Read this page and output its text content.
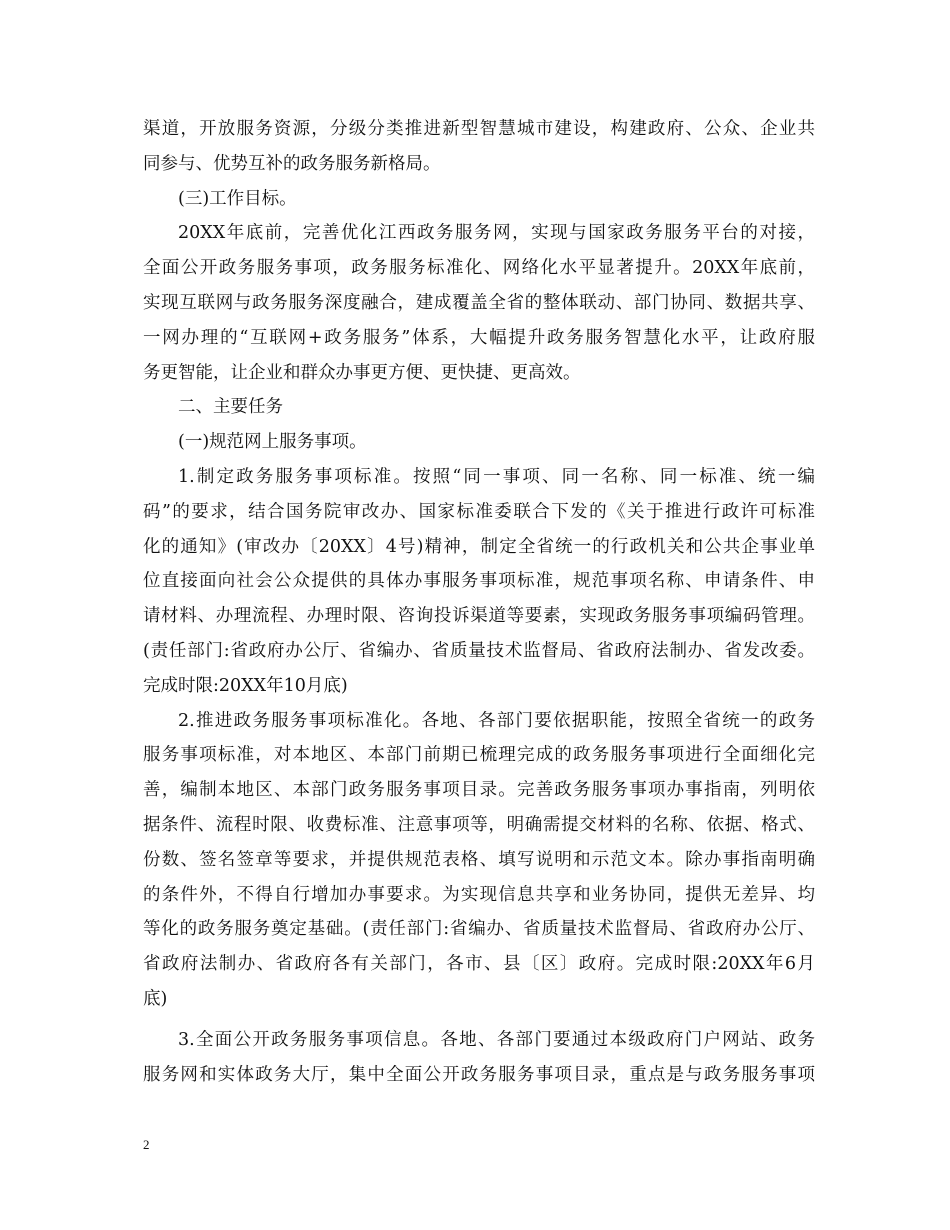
渠道，开放服务资源，分级分类推进新型智慧城市建设，构建政府、公众、企业共
同参与、优势互补的政务服务新格局。
(三)工作目标。
20XX年底前，完善优化江西政务服务网，实现与国家政务服务平台的对接，
全面公开政务服务事项，政务服务标准化、网络化水平显著提升。20XX年底前，
实现互联网与政务服务深度融合，建成覆盖全省的整体联动、部门协同、数据共享、
一网办理的“互联网+政务服务”体系，大幅提升政务服务智慧化水平，让政府服
务更智能，让企业和群众办事更方便、更快捷、更高效。
二、主要任务
(一)规范网上服务事项。
1.制定政务服务事项标准。按照“同一事项、同一名称、同一标准、统一编
码”的要求，结合国务院审改办、国家标准委联合下发的《关于推进行政许可标准
化的通知》(审改办〔20XX〕4号)精神，制定全省统一的行政机关和公共企事业单
位直接面向社会公众提供的具体办事服务事项标准，规范事项名称、申请条件、申
请材料、办理流程、办理时限、咨询投诉渠道等要素，实现政务服务事项编码管理。
(责任部门:省政府办公厅、省编办、省质量技术监督局、省政府法制办、省发改委。
完成时限:20XX年10月底)
2.推进政务服务事项标准化。各地、各部门要依据职能，按照全省统一的政务
服务事项标准，对本地区、本部门前期已梳理完成的政务服务事项进行全面细化完
善，编制本地区、本部门政务服务事项目录。完善政务服务事项办事指南，列明依
据条件、流程时限、收费标准、注意事项等，明确需提交材料的名称、依据、格式、
份数、签名签章等要求，并提供规范表格、填写说明和示范文本。除办事指南明确
的条件外，不得自行增加办事要求。为实现信息共享和业务协同，提供无差异、均
等化的政务服务奠定基础。(责任部门:省编办、省质量技术监督局、省政府办公厅、
省政府法制办、省政府各有关部门，各市、县〔区〕政府。完成时限:20XX年6月
底)
3.全面公开政务服务事项信息。各地、各部门要通过本级政府门户网站、政务
服务网和实体政务大厅，集中全面公开政务服务事项目录，重点是与政务服务事项
2
